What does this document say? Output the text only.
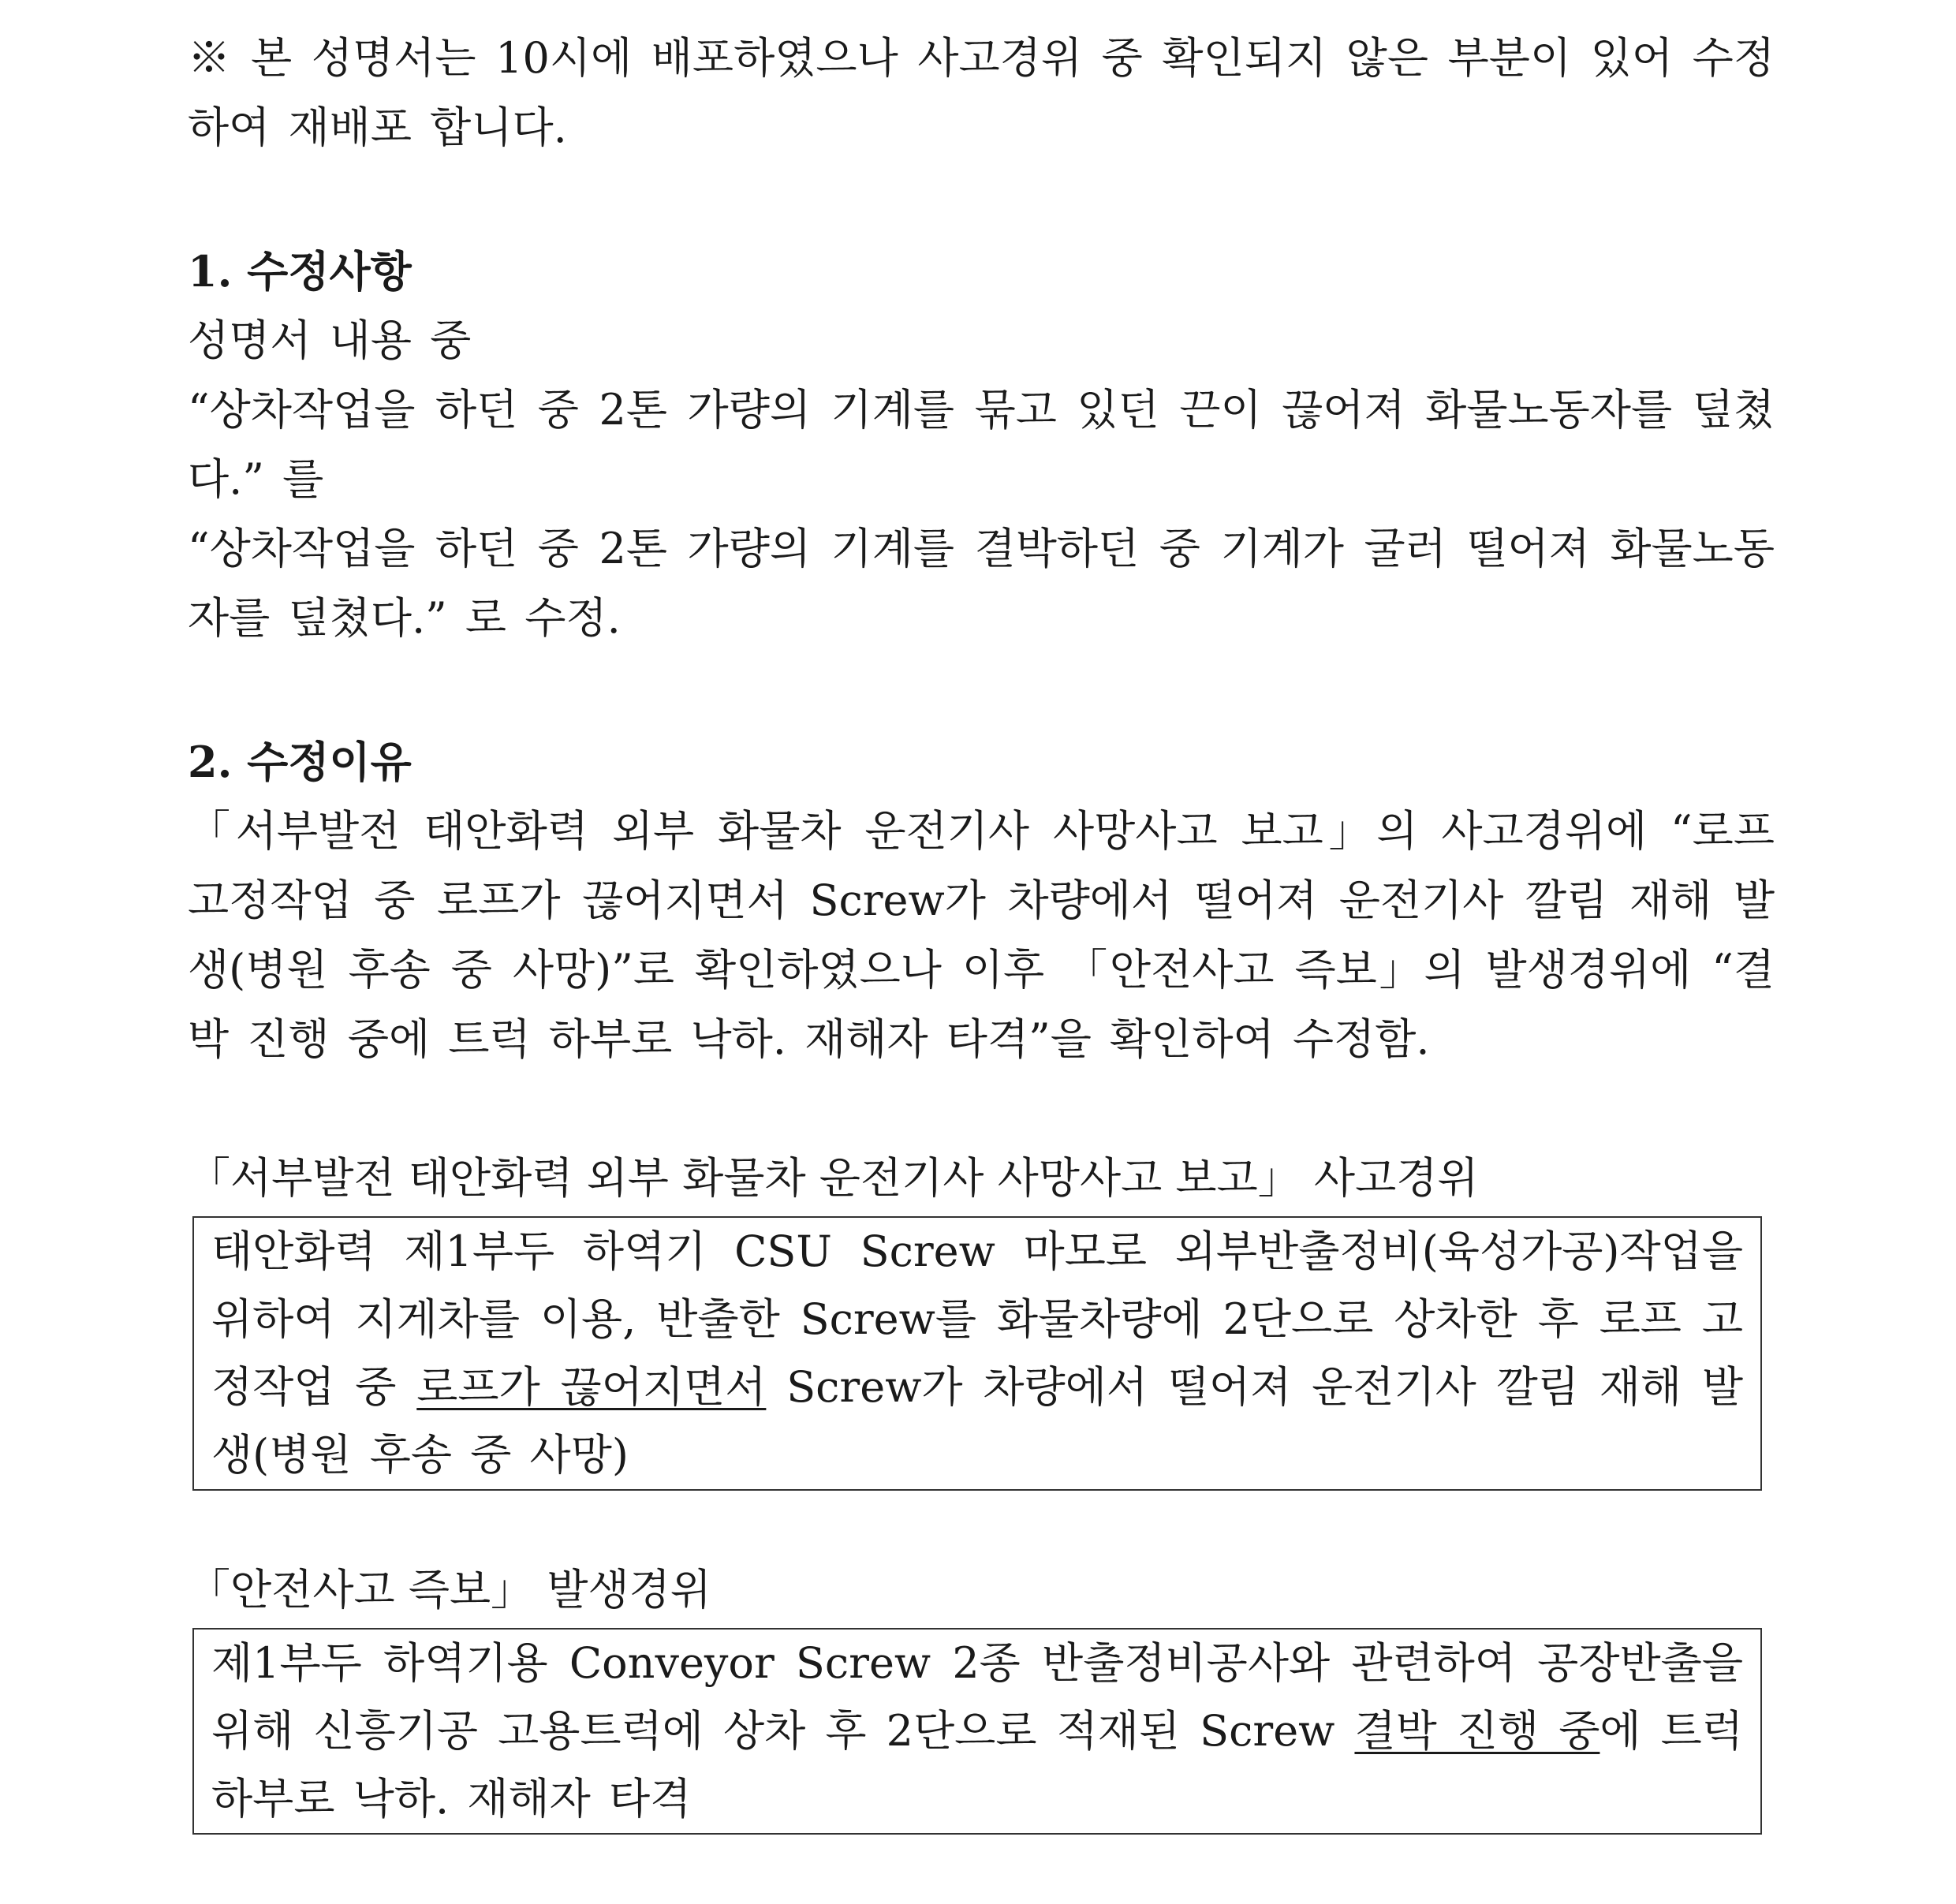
※ 본 성명서는 10시에 배포하였으나 사고경위 중 확인되지 않은 부분이 있어 수정하여 재배포 합니다.

1. 수정사항

성명서 내용 중

“상차작업을 하던 중 2톤 가량의 기계를 묶고 있던 끈이 끊어져 화물노동자를 덮쳤다.” 를

“상차작업을 하던 중 2톤 가량의 기계를 결박하던 중 기계가 굴러 떨어져 화물노동자를 덮쳤다.” 로 수정.

2. 수정이유

「서부발전 태안화력 외부 화물차 운전기사 사망사고 보고」의 사고경위에 “로프 고정작업 중 로프가 끊어지면서 Screw가 차량에서 떨어져 운전기사 깔림 재해 발생(병원 후송 중 사망)”로 확인하였으나 이후 「안전사고 즉보」의 발생경위에 “결박 진행 중에 트럭 하부로 낙하. 재해자 타격”을 확인하여 수정함.

「서부발전 태안화력 외부 화물차 운전기사 사망사고 보고」 사고경위

태안화력 제1부두 하역기 CSU Screw 마모로 외부반출정비(육성가공)작업을 위하여 지게차를 이용, 반출한 Screw를 화물차량에 2단으로 상차한 후 로프 고정작업 중 로프가 끊어지면서 Screw가 차량에서 떨어져 운전기사 깔림 재해 발생(병원 후송 중 사망)

「안전사고 즉보」 발생경위

제1부두 하역기용 Conveyor Screw 2종 반출정비공사와 관련하여 공장반출을 위해 신흥기공 고용트럭에 상차 후 2단으로 적재된 Screw 결박 진행 중에 트럭 하부로 낙하. 재해자 타격
